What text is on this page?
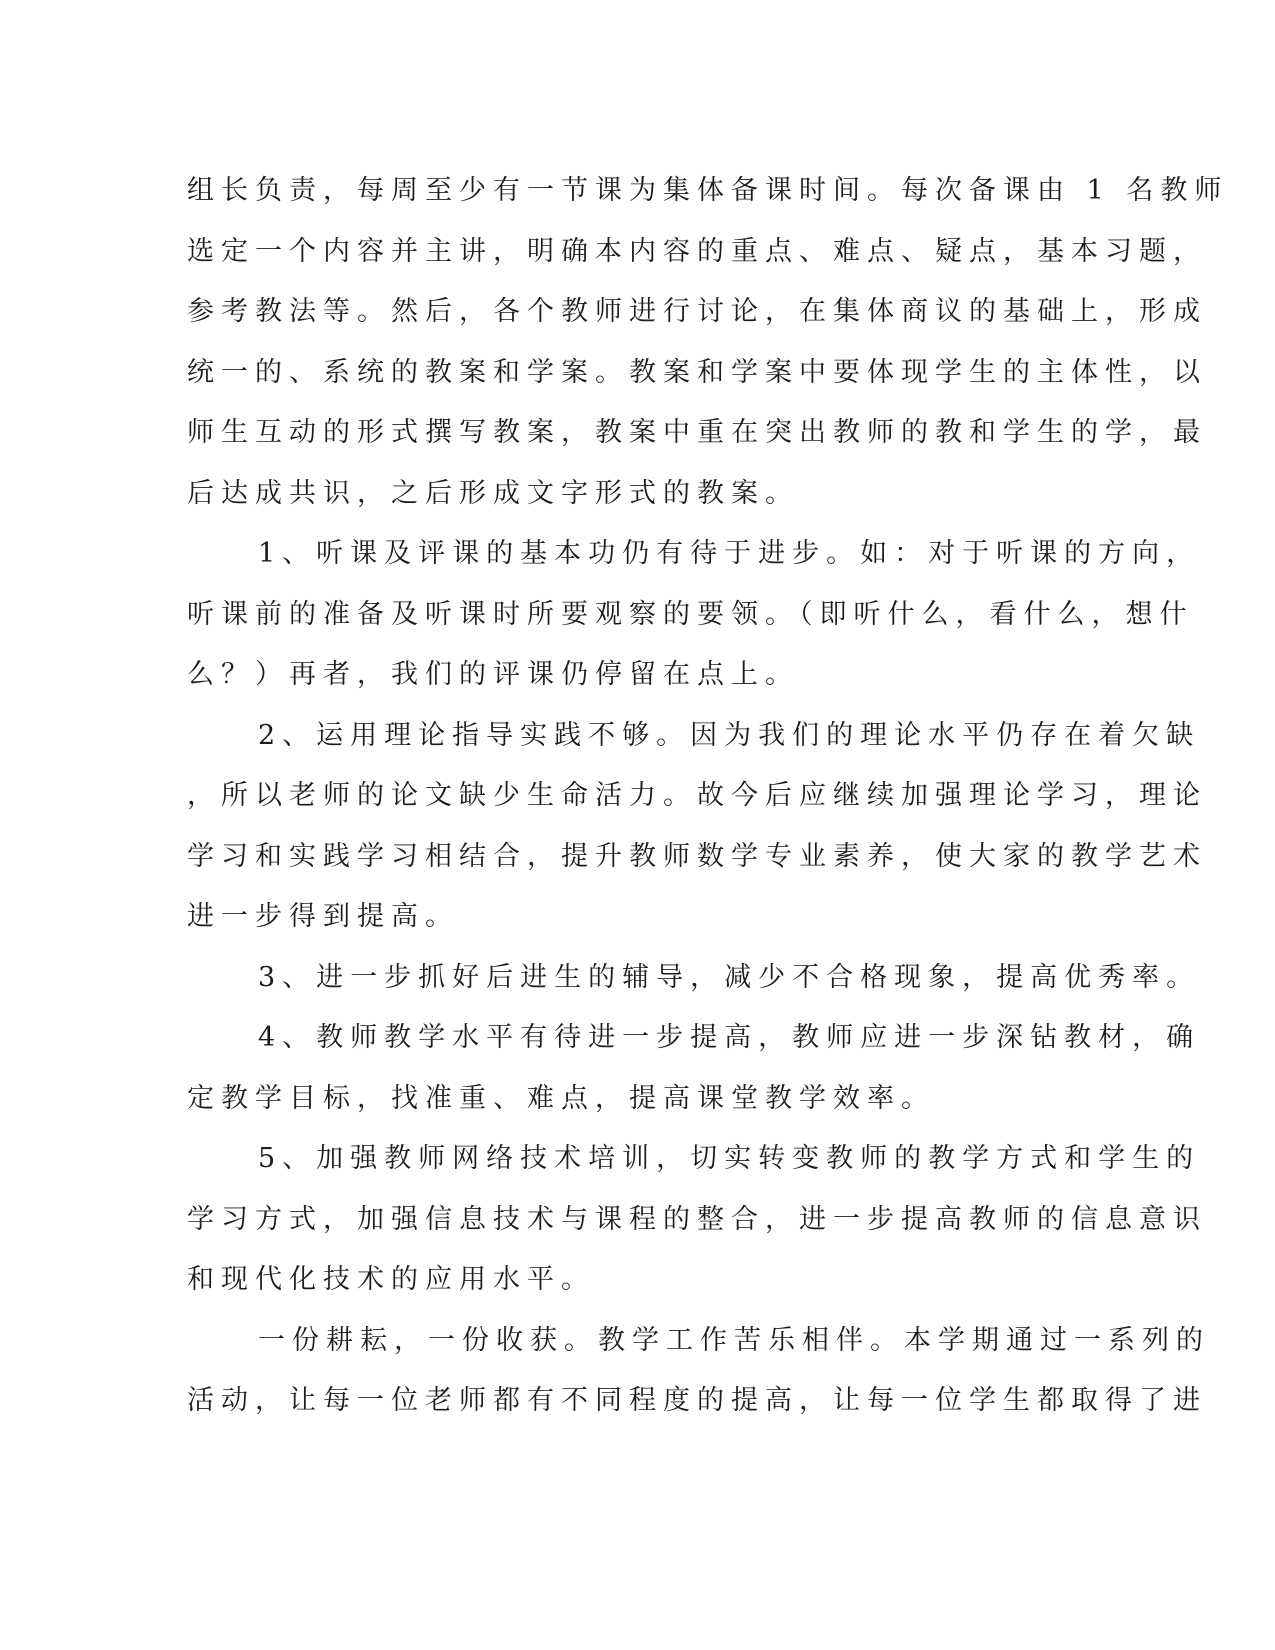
组长负责，每周至少有一节课为集体备课时间。每次备课由 1 名教师
选定一个内容并主讲，明确本内容的重点、难点、疑点，基本习题，
参考教法等。然后，各个教师进行讨论，在集体商议的基础上，形成
统一的、系统的教案和学案。教案和学案中要体现学生的主体性，以
师生互动的形式撰写教案，教案中重在突出教师的教和学生的学，最
后达成共识，之后形成文字形式的教案。
1、听课及评课的基本功仍有待于进步。如：对于听课的方向，
听课前的准备及听课时所要观察的要领。（即听什么，看什么，想什
么？）再者，我们的评课仍停留在点上。
2、运用理论指导实践不够。因为我们的理论水平仍存在着欠缺
，所以老师的论文缺少生命活力。故今后应继续加强理论学习，理论
学习和实践学习相结合，提升教师数学专业素养，使大家的教学艺术
进一步得到提高。
3、进一步抓好后进生的辅导，减少不合格现象，提高优秀率。
4、教师教学水平有待进一步提高，教师应进一步深钻教材，确
定教学目标，找准重、难点，提高课堂教学效率。
5、加强教师网络技术培训，切实转变教师的教学方式和学生的
学习方式，加强信息技术与课程的整合，进一步提高教师的信息意识
和现代化技术的应用水平。
一份耕耘，一份收获。教学工作苦乐相伴。本学期通过一系列的
活动，让每一位老师都有不同程度的提高，让每一位学生都取得了进
